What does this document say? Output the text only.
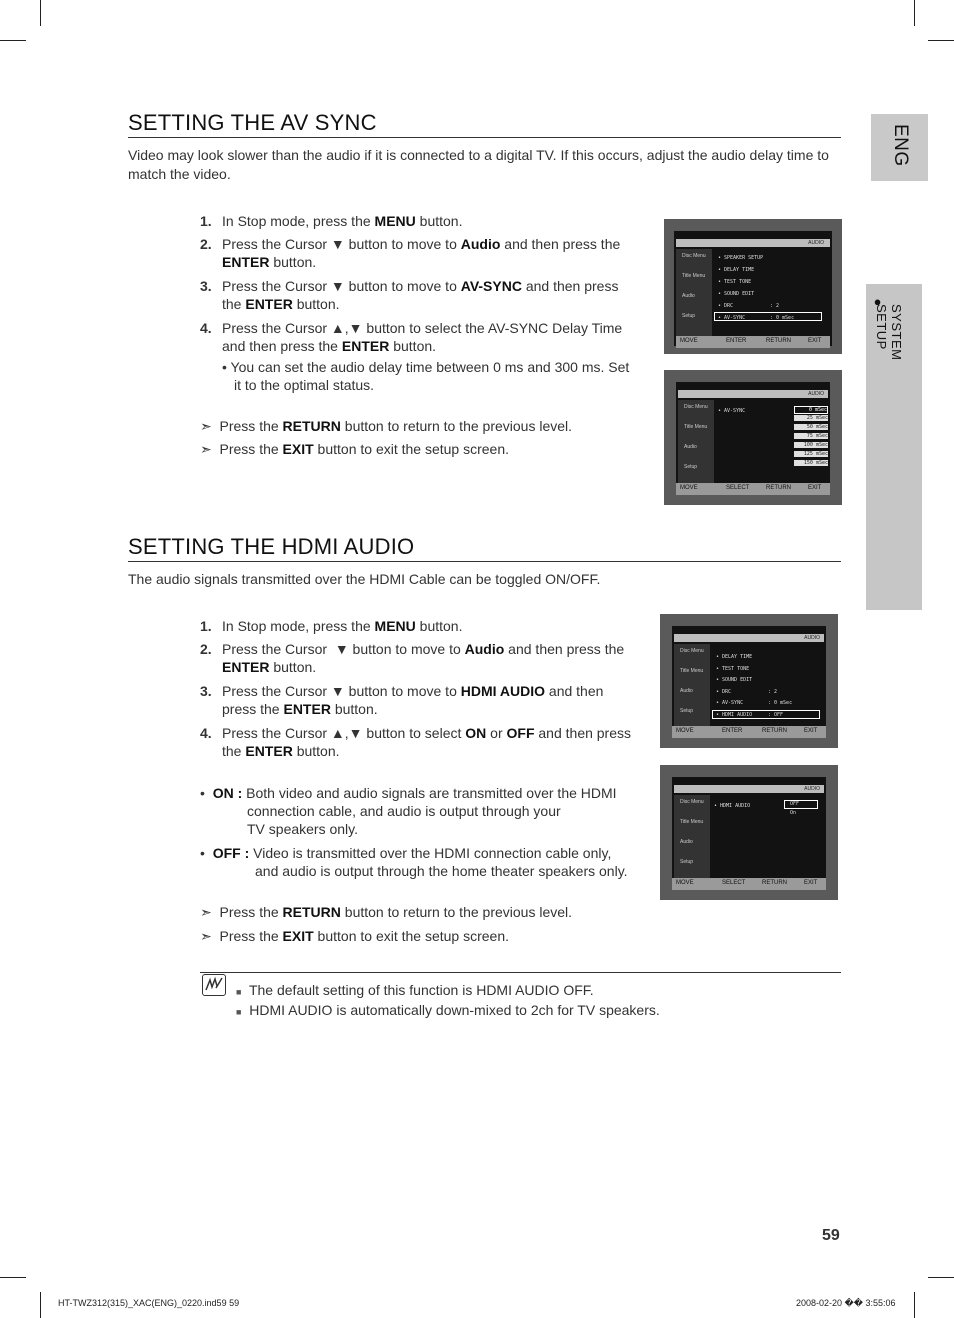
ENG
●
SYSTEM SETUP
SETTING THE AV SYNC
Video may look slower than the audio if it is connected to a digital TV. If this occurs, adjust the audio delay time to
match the video.
1. In Stop mode, press the MENU button.
2. Press the Cursor ▼ button to move to Audio and then press the
ENTER button.
3. Press the Cursor ▼ button to move to AV-SYNC and then press
the ENTER button.
4. Press the Cursor ▲,▼ button to select the AV-SYNC Delay Time
and then press the ENTER button.
• You can set the audio delay time between 0 ms and 300 ms. Set
it to the optimal status.
➣  Press the RETURN button to return to the previous level.
➣  Press the EXIT button to exit the setup screen.
AUDIO
Disc Menu
Title Menu
Audio
Setup
• SPEAKER SETUP
• DELAY TIME
• TEST TONE
• SOUND EDIT
• DRC	: 2
• AV-SYNC	: 0 mSec
MOVE	ENTER	RETURN	EXIT
AUDIO
Disc Menu
Title Menu
Audio
Setup
• AV-SYNC	0 mSec
25 mSec
50 mSec
75 mSec
100 mSec
125 mSec
150 mSec
MOVE	SELECT	RETURN	EXIT
SETTING THE HDMI AUDIO
The audio signals transmitted over the HDMI Cable can be toggled ON/OFF.
1. In Stop mode, press the MENU button.
2. Press the Cursor  ▼ button to move to Audio and then press the
ENTER button.
3. Press the Cursor ▼ button to move to HDMI AUDIO and then
press the ENTER button.
4. Press the Cursor ▲,▼ button to select ON or OFF and then press
the ENTER button.
•  ON : Both video and audio signals are transmitted over the HDMI
connection cable, and audio is output through your
TV speakers only.
•  OFF : Video is transmitted over the HDMI connection cable only,
and audio is output through the home theater speakers only.
➣  Press the RETURN button to return to the previous level.
➣  Press the EXIT button to exit the setup screen.
AUDIO
Disc Menu
Title Menu
Audio
Setup
• DELAY TIME
• TEST TONE
• SOUND EDIT
• DRC	: 2
• AV-SYNC	: 0 mSec
• HDMI AUDIO	: OFF
MOVE	ENTER	RETURN	EXIT
AUDIO
Disc Menu
Title Menu
Audio
Setup
• HDMI AUDIO	OFF
On
MOVE	SELECT	RETURN	EXIT
■ The default setting of this function is HDMI AUDIO OFF.
■ HDMI AUDIO is automatically down-mixed to 2ch for TV speakers.
59
HT-TWZ312(315)_XAC(ENG)_0220.ind59 59	2008-02-20 �� 3:55:06
